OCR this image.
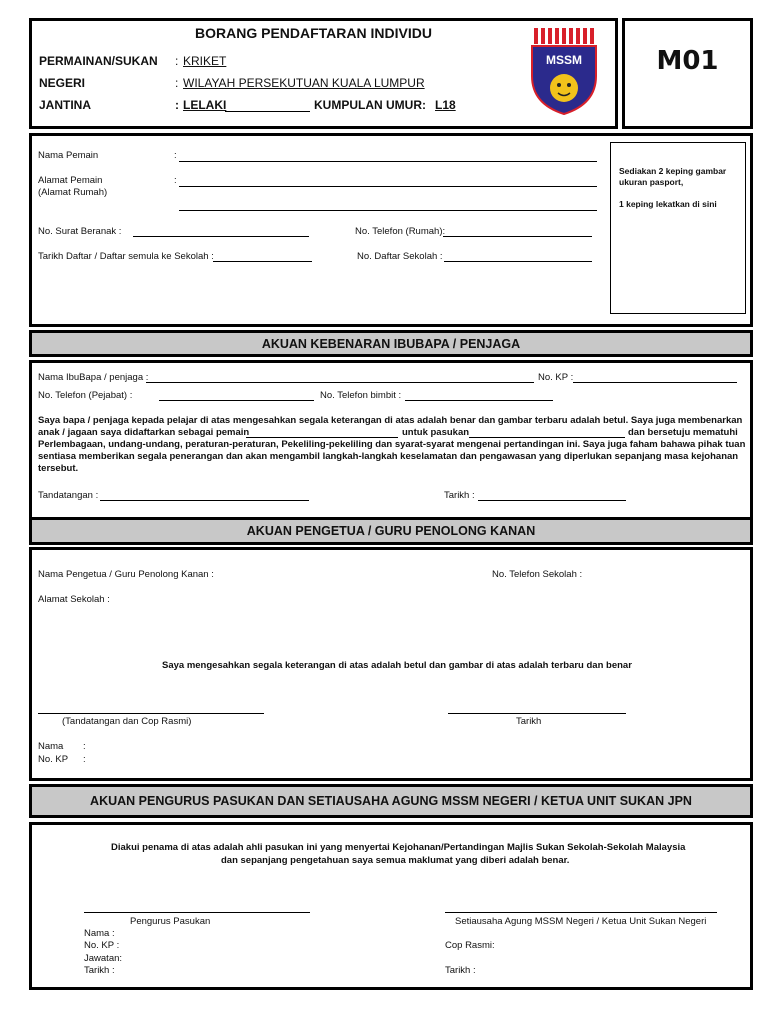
BORANG PENDAFTARAN INDIVIDU
PERMAINAN/SUKAN : KRIKET
NEGERI	: WILAYAH PERSEKUTUAN KUALA LUMPUR
JANTINA	: LELAKI	KUMPULAN UMUR: L18
MSSM	M01
Nama Pemain	:
Alamat Pemain
(Alamat Rumah)
:
No. Surat Beranak :	No. Telefon (Rumah):
Tarikh Daftar / Daftar semula ke Sekolah :	No. Daftar Sekolah :
Sediakan 2 keping gambar ukuran pasport,
1 keping lekatkan di sini
AKUAN KEBENARAN IBUBAPA / PENJAGA
Nama IbuBapa / penjaga :	No. KP :
No. Telefon (Pejabat) :	No. Telefon bimbit :
Saya bapa / penjaga kepada pelajar di atas mengesahkan segala keterangan di atas adalah benar dan gambar terbaru adalah betul. Saya juga membenarkan
anak / jagaan saya didaftarkan sebagai pemain	untuk pasukan	dan bersetuju mematuhi
Perlembagaan, undang-undang, peraturan-peraturan, Pekeliling-pekeliling dan syarat-syarat mengenai pertandingan ini. Saya juga faham bahawa pihak tuan
sentiasa memberikan segala penerangan dan akan mengambil langkah-langkah keselamatan dan pengawasan yang diperlukan sepanjang masa kejohanan
tersebut.
Tandatangan :	Tarikh :
AKUAN PENGETUA / GURU PENOLONG KANAN
Nama Pengetua / Guru Penolong Kanan :	No. Telefon Sekolah :
Alamat Sekolah :
Saya mengesahkan segala keterangan di atas adalah betul dan gambar di atas adalah terbaru dan benar
(Tandatangan dan Cop Rasmi)	Tarikh
Nama :
No. KP :
AKUAN PENGURUS PASUKAN DAN SETIAUSAHA AGUNG MSSM NEGERI / KETUA UNIT SUKAN JPN
Diakui penama di atas adalah ahli pasukan ini yang menyertai Kejohanan/Pertandingan Majlis Sukan Sekolah-Sekolah Malaysia
dan sepanjang pengetahuan saya semua maklumat yang diberi adalah benar.
Pengurus Pasukan	Setiausaha Agung MSSM Negeri / Ketua Unit Sukan Negeri
Nama :
No. KP :
Jawatan:
Tarikh :
Cop Rasmi:
Tarikh :
